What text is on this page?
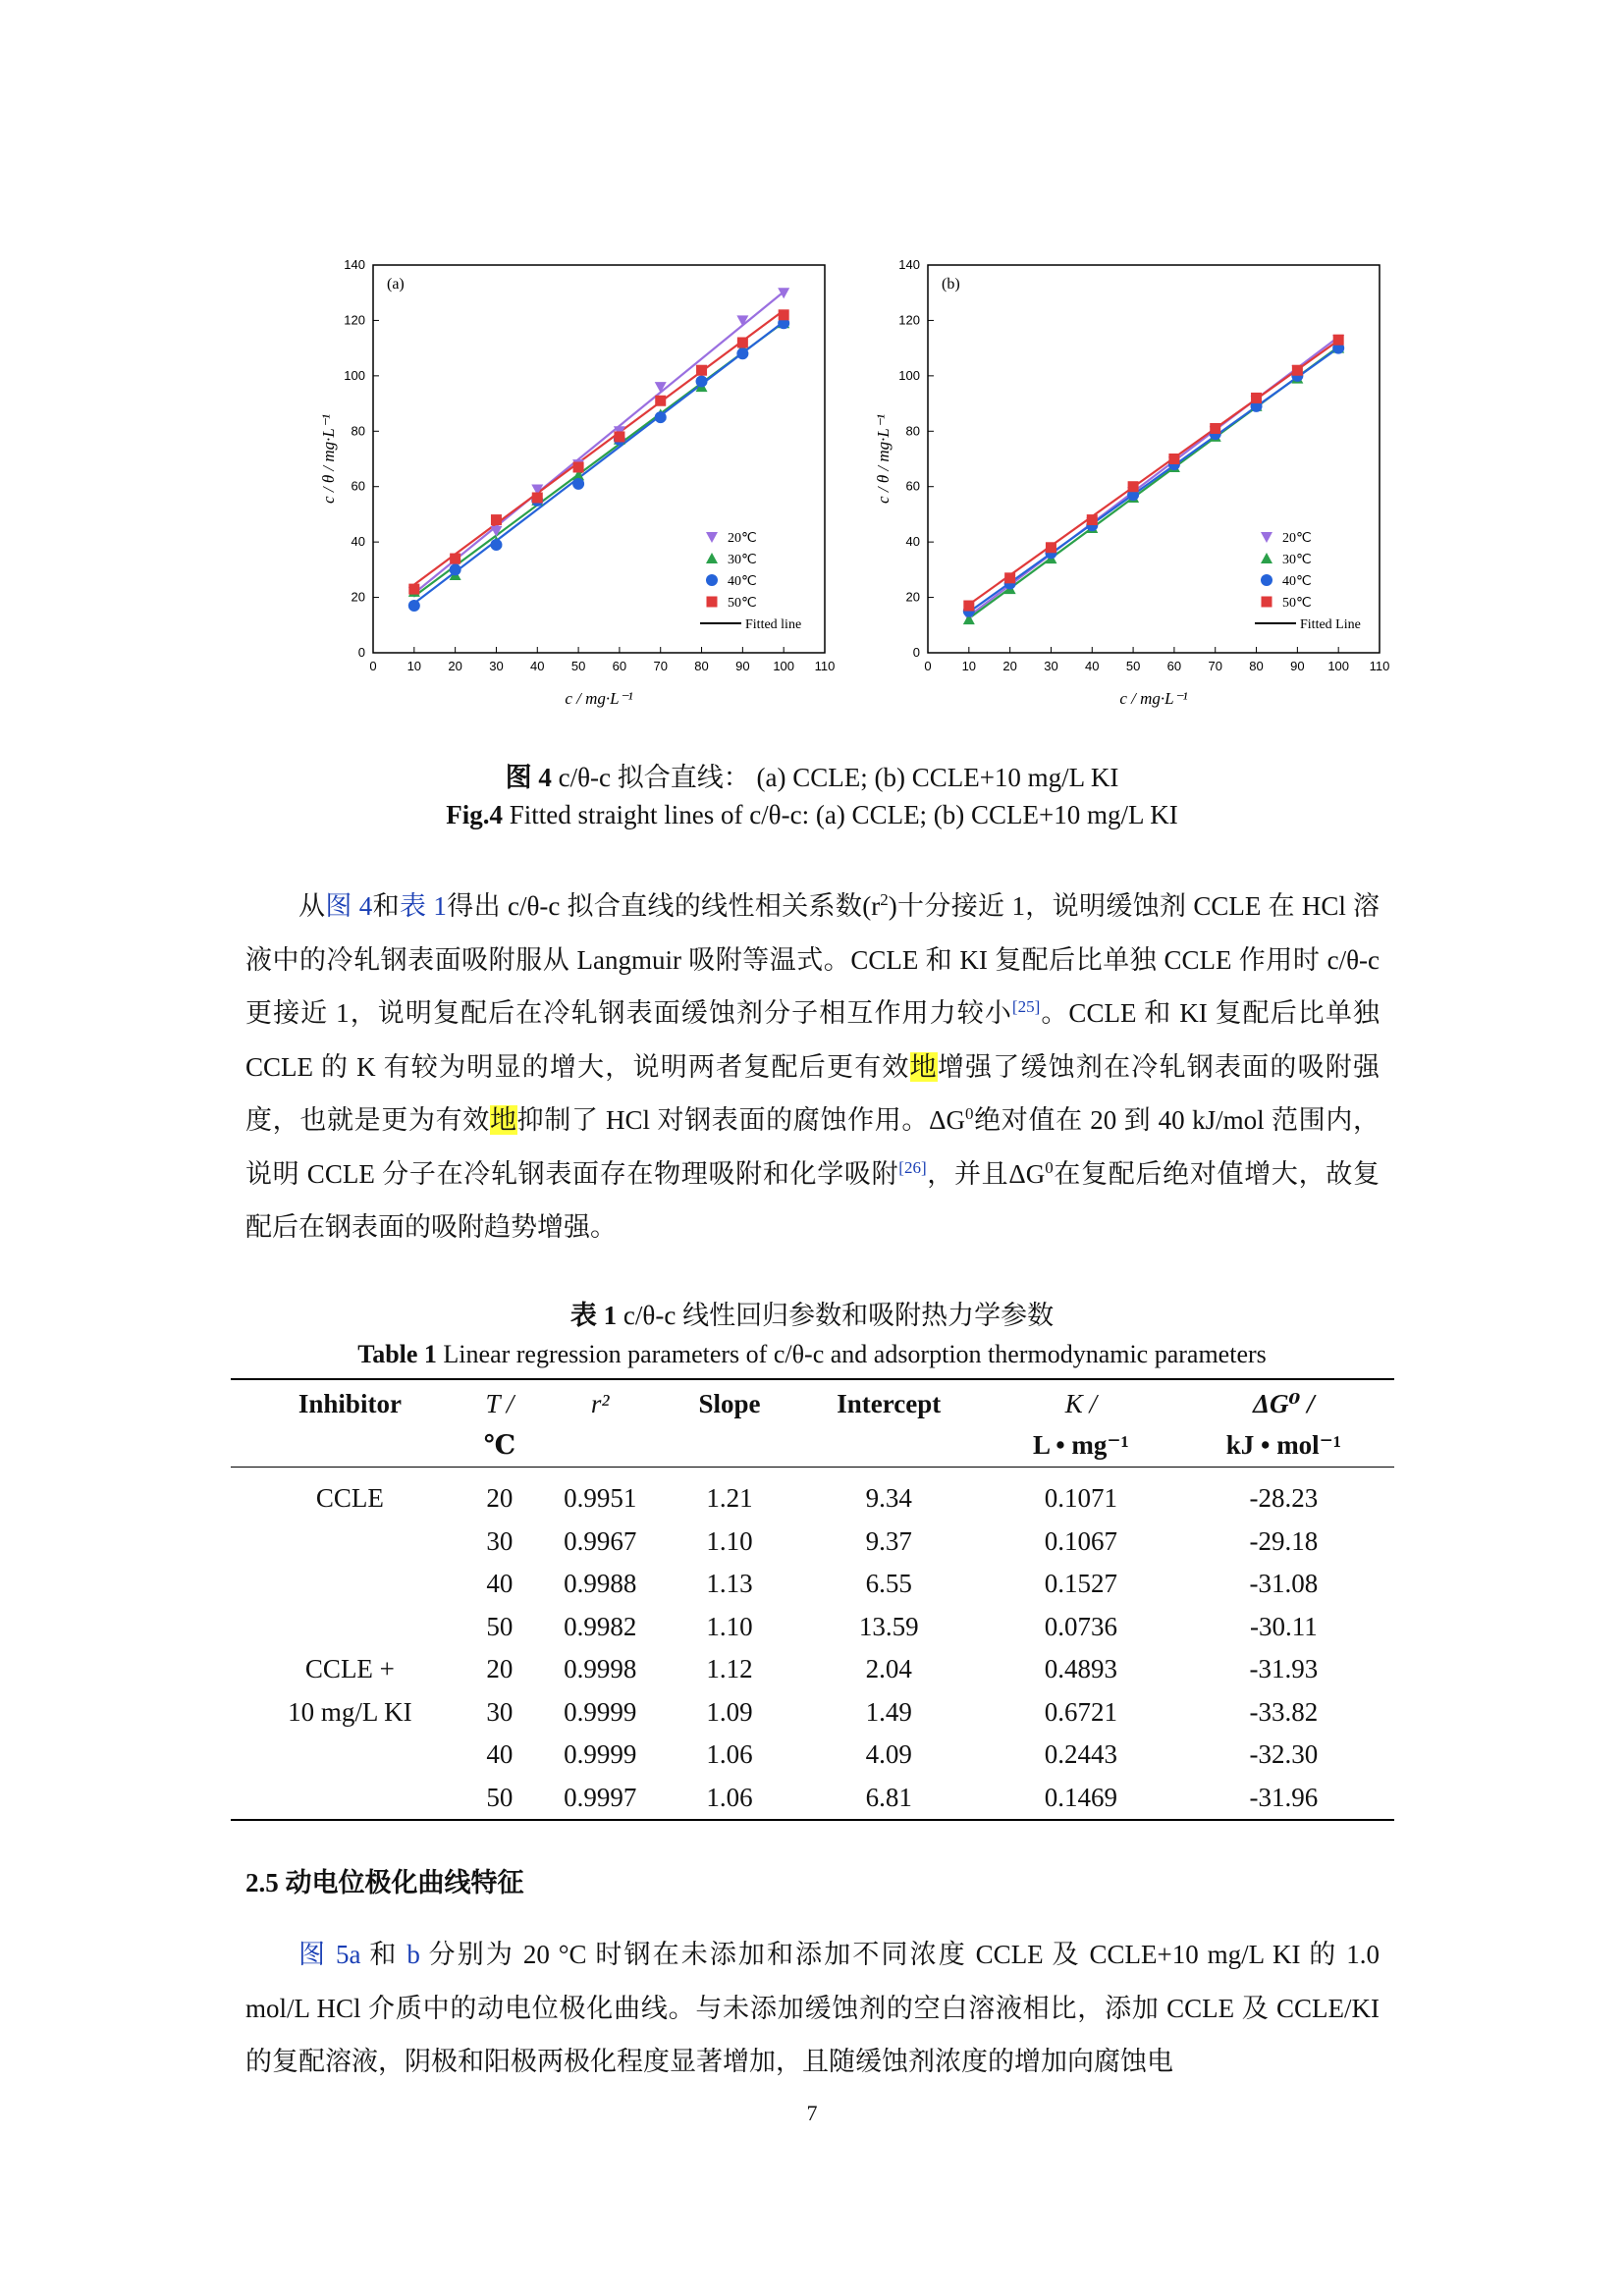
0 10 20 30 40 50 60 70 80 90 100 110
0
20
40
60
80
100
120
140
c / mg·L⁻¹
c / θ / mg·L⁻¹
(a)
20℃
30℃
40℃
50℃
Fitted line
0 10 20 30 40 50 60 70 80 90 100 110
0
20
40
60
80
100
120
140
c / mg·L⁻¹
c / θ / mg·L⁻¹
(b)
20℃
30℃
40℃
50℃
Fitted Line
图 4 c/θ-c 拟合直线： (a) CCLE; (b) CCLE+10 mg/L KI
Fig.4 Fitted straight lines of c/θ-c: (a) CCLE; (b) CCLE+10 mg/L KI
从图 4和表 1得出 c/θ-c 拟合直线的线性相关系数$(r^2)$十分接近 1，说明缓蚀剂 CCLE 在 HCl 溶液中的冷轧钢表面吸附服从 Langmuir 吸附等温式。CCLE 和 KI 复配后比单独 CCLE 作用时 c/θ-c 更接近 1，说明复配后在冷轧钢表面缓蚀剂分子相互作用力较小[25]。CCLE 和 KI 复配后比单独 CCLE 的 K 有较为明显的增大，说明两者复配后更有效地增强了缓蚀剂在冷轧钢表面的吸附强度，也就是更为有效地抑制了 HCl 对钢表面的腐蚀作用。$\Delta G^0$绝对值在 20 到 40 kJ/mol 范围内，说明 CCLE 分子在冷轧钢表面存在物理吸附和化学吸附[26]，并且$\Delta G^0$在复配后绝对值增大，故复配后在钢表面的吸附趋势增强。
表 1 c/θ-c 线性回归参数和吸附热力学参数
Table 1 Linear regression parameters of c/θ-c and adsorption thermodynamic parameters
Inhibitor	T /	r²	Slope	Intercept	K /	ΔG⁰ /
	℃				L • mg⁻¹	kJ • mol⁻¹
CCLE	20	0.9951	1.21	9.34	0.1071	-28.23
	30	0.9967	1.10	9.37	0.1067	-29.18
	40	0.9988	1.13	6.55	0.1527	-31.08
	50	0.9982	1.10	13.59	0.0736	-30.11
CCLE +	20	0.9998	1.12	2.04	0.4893	-31.93
10 mg/L KI	30	0.9999	1.09	1.49	0.6721	-33.82
	40	0.9999	1.06	4.09	0.2443	-32.30
	50	0.9997	1.06	6.81	0.1469	-31.96
2.5 动电位极化曲线特征
图 5a 和 b 分别为 20 °C 时钢在未添加和添加不同浓度 CCLE 及 CCLE+10 mg/L KI 的 1.0 mol/L HCl 介质中的动电位极化曲线。与未添加缓蚀剂的空白溶液相比，添加 CCLE 及 CCLE/KI 的复配溶液，阴极和阳极两极化程度显著增加，且随缓蚀剂浓度的增加向腐蚀电
7
